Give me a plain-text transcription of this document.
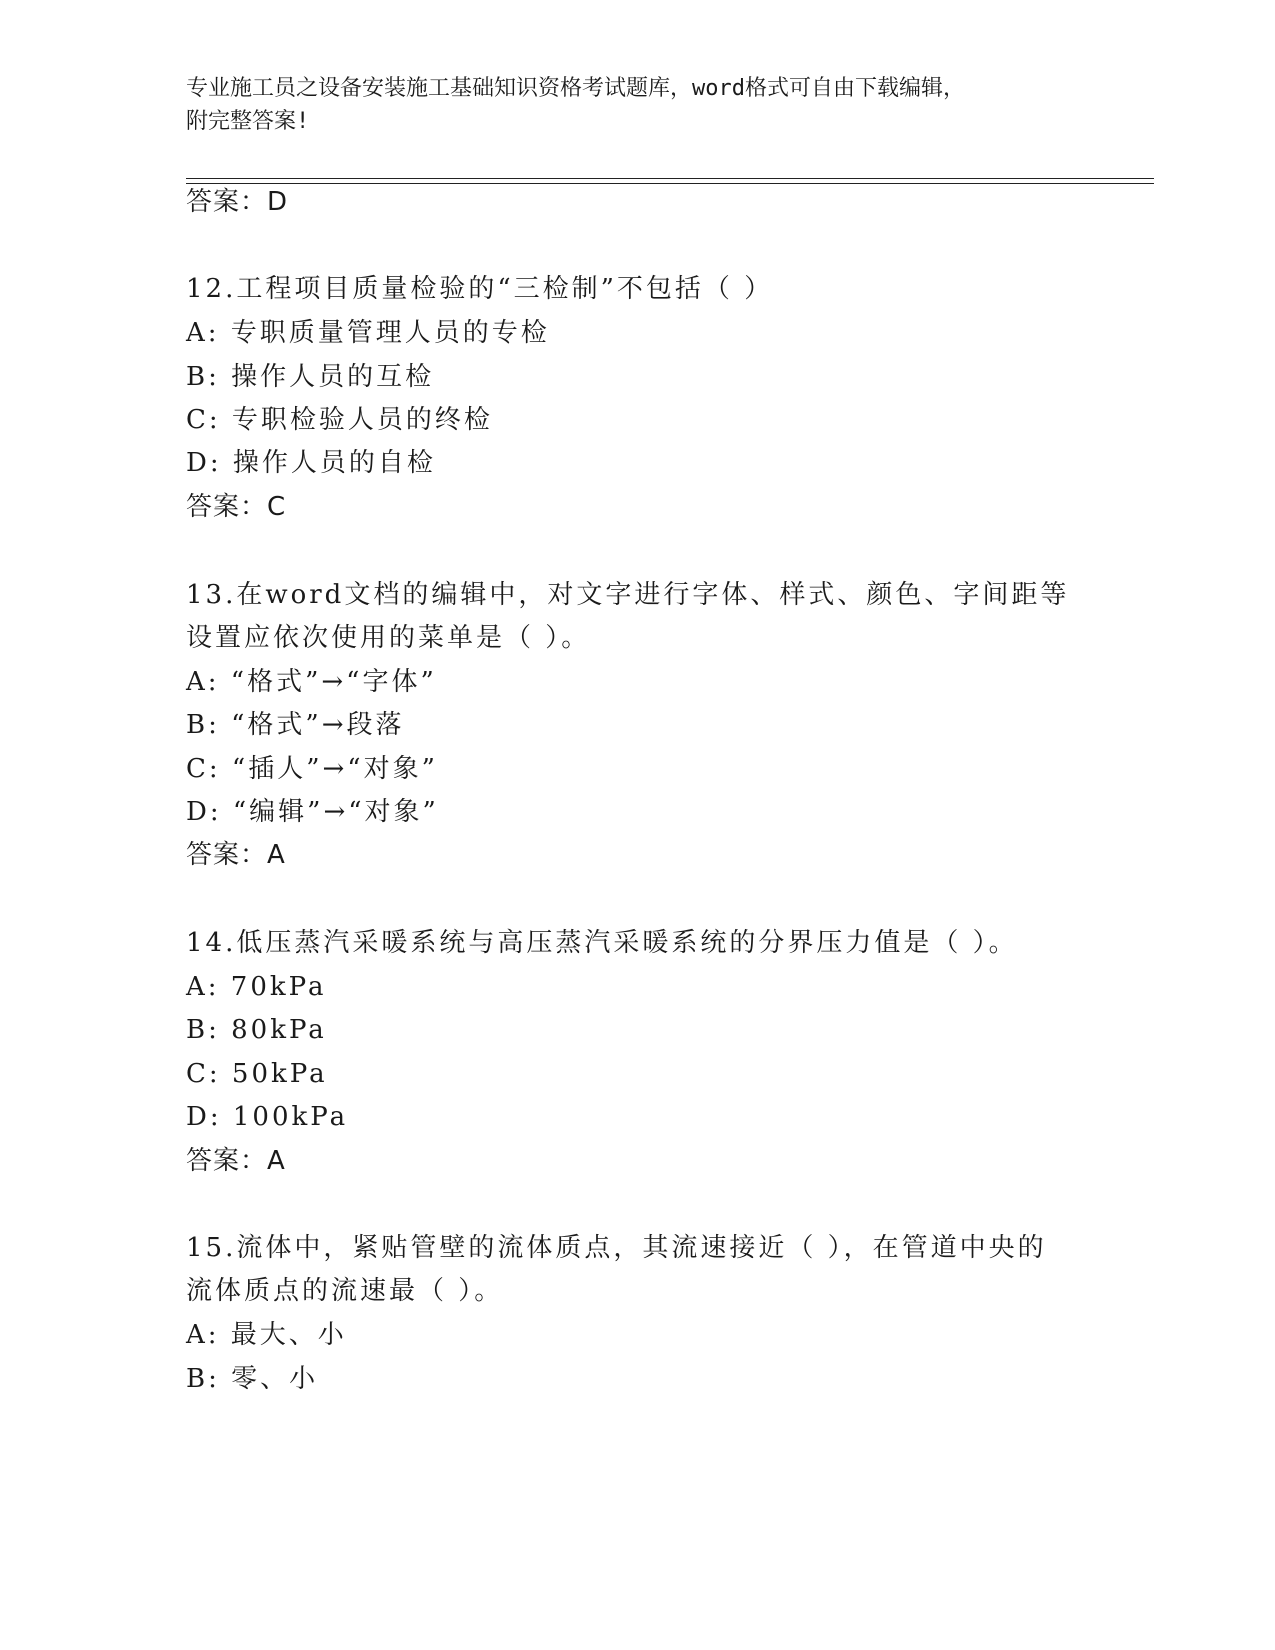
专业施工员之设备安装施工基础知识资格考试题库，word格式可自由下载编辑，
附完整答案!
答案：D
12.工程项目质量检验的“三检制”不包括（ ）
A: 专职质量管理人员的专检
B: 操作人员的互检
C: 专职检验人员的终检
D: 操作人员的自检
答案：C
13.在word文档的编辑中，对文字进行字体、样式、颜色、字间距等
设置应依次使用的菜单是（ ）。
A: “格式”→“字体”
B: “格式”→段落
C: “插人”→“对象”
D: “编辑”→“对象”
答案：A
14.低压蒸汽采暖系统与高压蒸汽采暖系统的分界压力值是（ ）。
A: 70kPa
B: 80kPa
C: 50kPa
D: 100kPa
答案：A
15.流体中，紧贴管壁的流体质点，其流速接近（ ），在管道中央的
流体质点的流速最（ ）。
A: 最大、小
B: 零、小
